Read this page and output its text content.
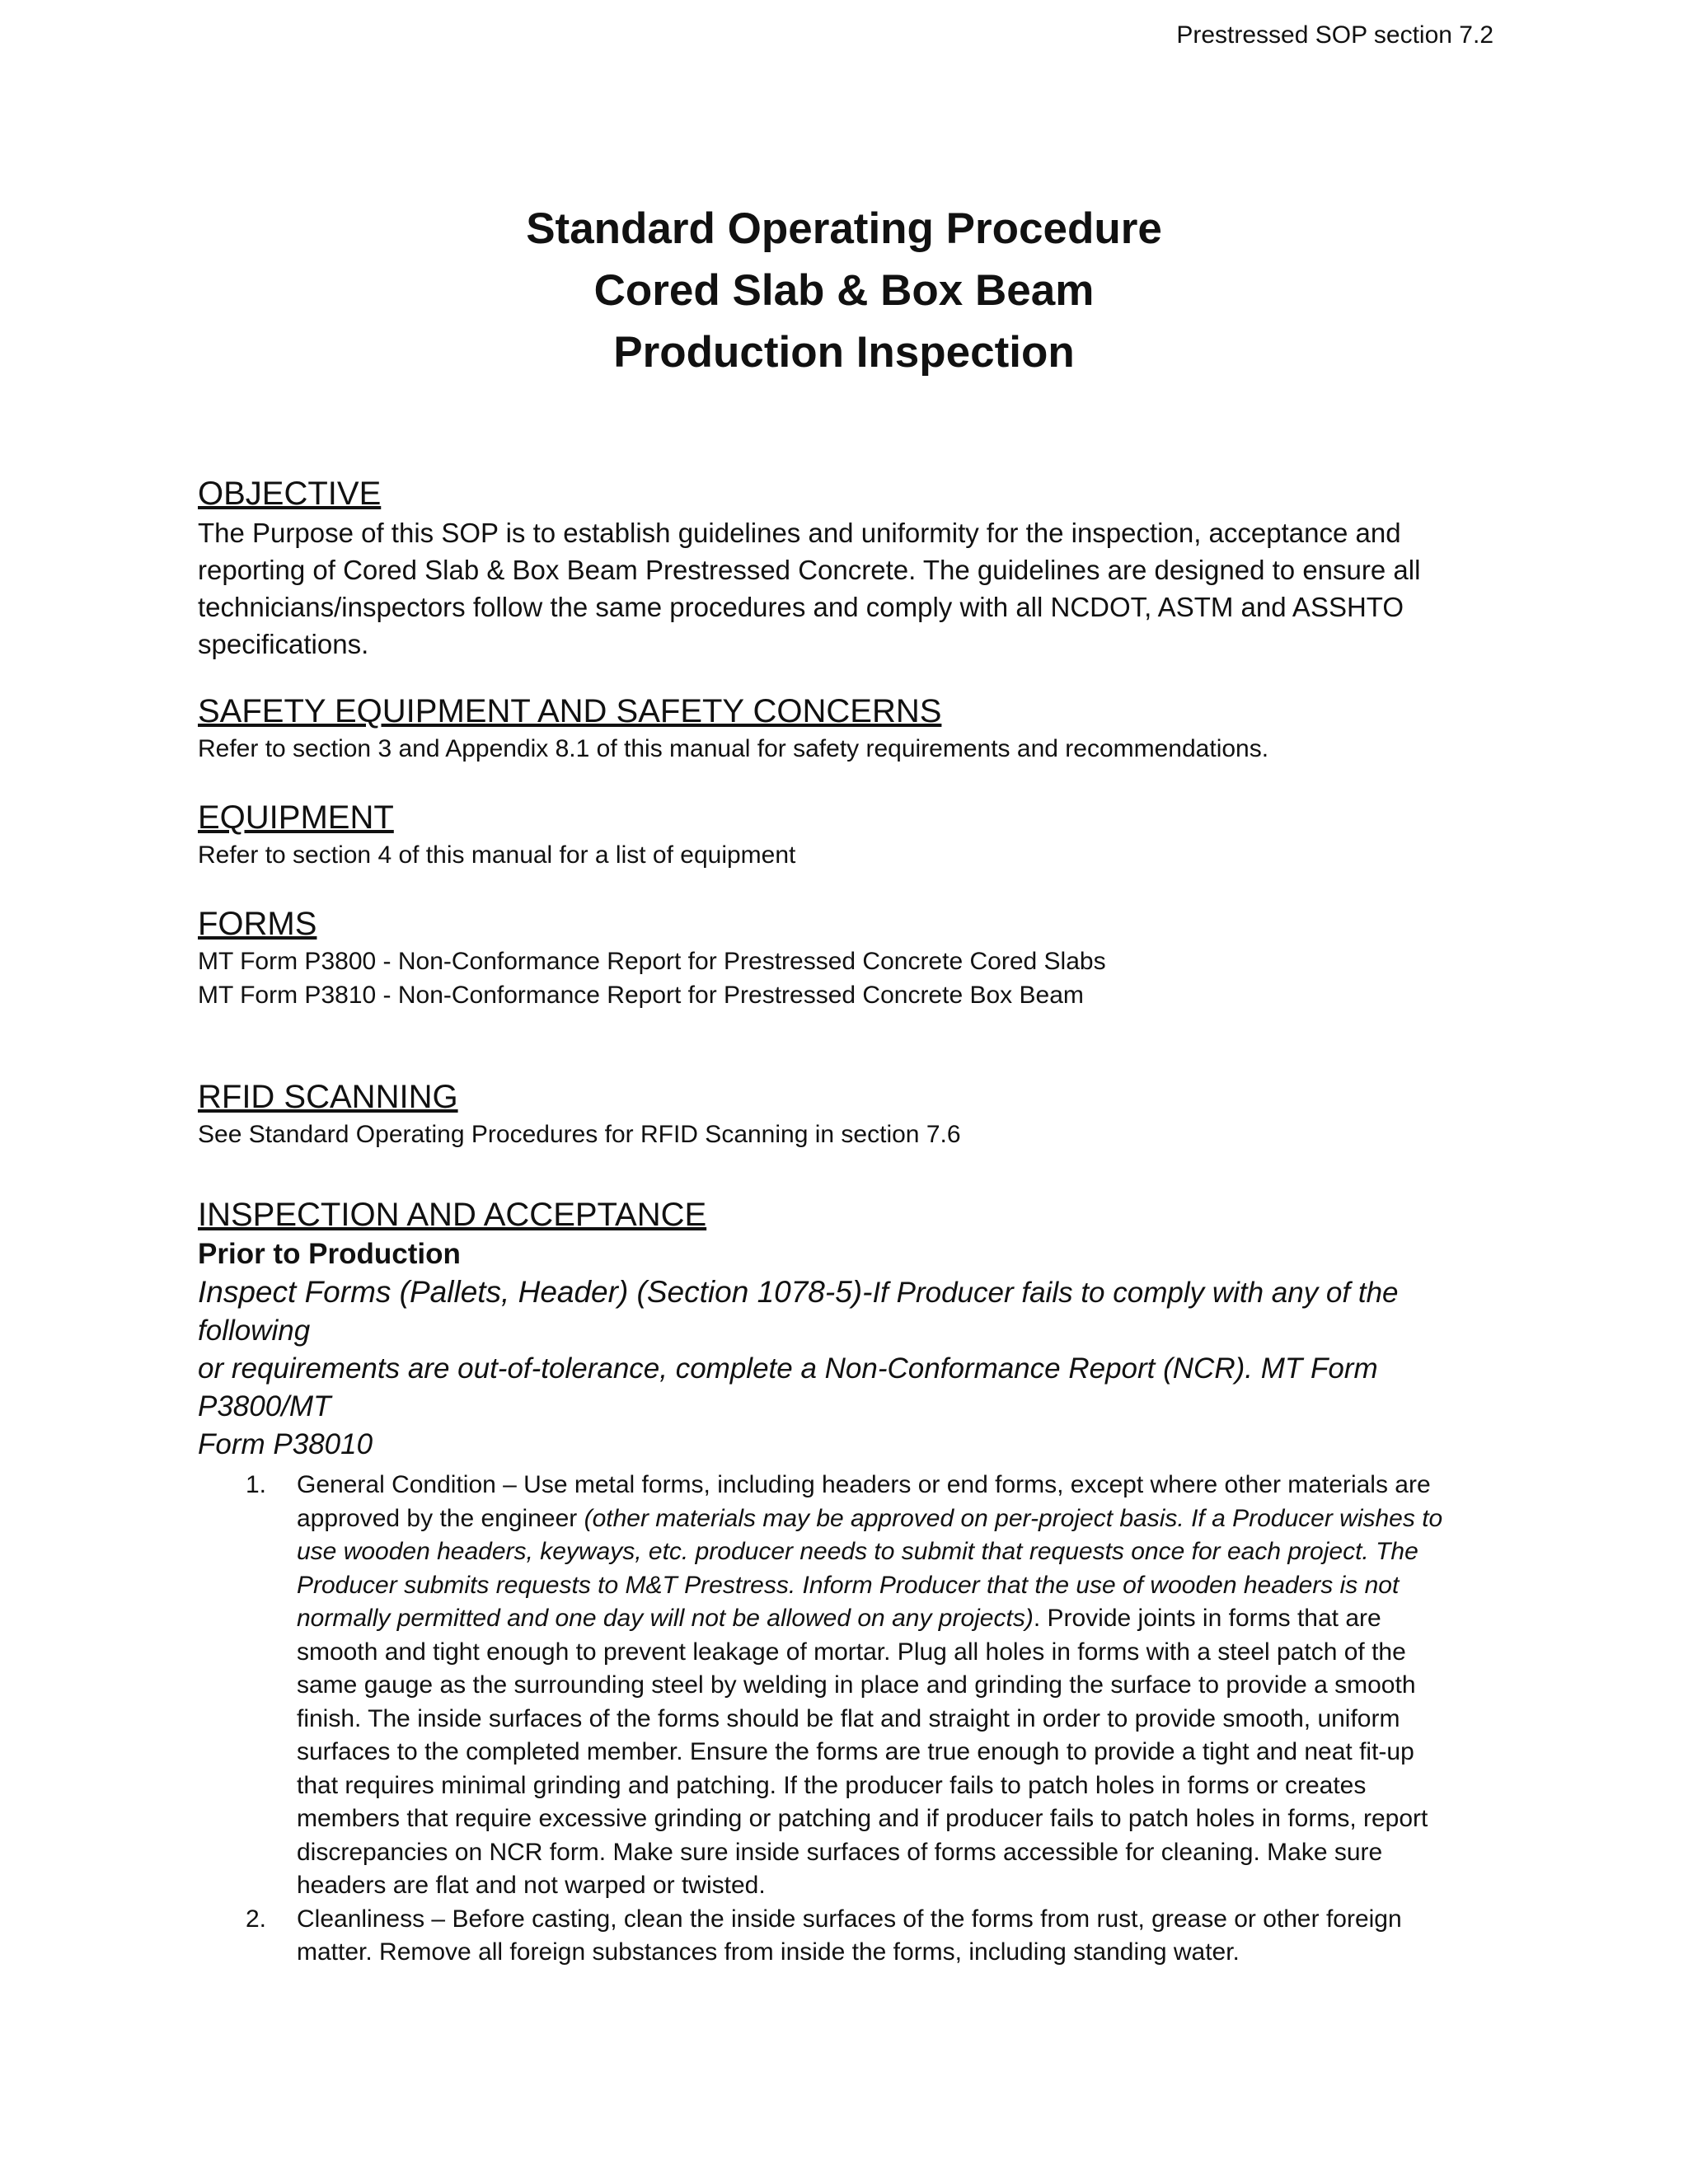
Prestressed SOP section 7.2
Standard Operating Procedure
Cored Slab & Box Beam
Production Inspection
OBJECTIVE
The Purpose of this SOP is to establish guidelines and uniformity for the inspection, acceptance and
reporting of Cored Slab & Box Beam Prestressed Concrete. The guidelines are designed to ensure all
technicians/inspectors follow the same procedures and comply with all NCDOT, ASTM and ASSHTO
specifications.
SAFETY EQUIPMENT AND SAFETY CONCERNS

Refer to section 3 and Appendix 8.1 of this manual for safety requirements and recommendations.

EQUIPMENT

Refer to section 4 of this manual for a list of equipment

FORMS

MT Form P3800 - Non-Conformance Report for Prestressed Concrete Cored Slabs

MT Form P3810 - Non-Conformance Report for Prestressed Concrete Box Beam

RFID SCANNING

See Standard Operating Procedures for RFID Scanning in section 7.6

INSPECTION AND ACCEPTANCE
Prior to Production
Inspect Forms (Pallets, Header) (Section 1078-5)-If Producer fails to comply with any of the following
or requirements are out-of-tolerance, complete a Non-Conformance Report (NCR). MT Form P3800/MT
Form P38010
1. General Condition – Use metal forms, including headers or end forms, except where other materials are
approved by the engineer (other materials may be approved on per-project basis. If a Producer wishes to
use wooden headers, keyways, etc. producer needs to submit that requests once for each project. The
Producer submits requests to M&T Prestress. Inform Producer that the use of wooden headers is not
normally permitted and one day will not be allowed on any projects). Provide joints in forms that are
smooth and tight enough to prevent leakage of mortar. Plug all holes in forms with a steel patch of the
same gauge as the surrounding steel by welding in place and grinding the surface to provide a smooth
finish. The inside surfaces of the forms should be flat and straight in order to provide smooth, uniform
surfaces to the completed member. Ensure the forms are true enough to provide a tight and neat fit-up
that requires minimal grinding and patching. If the producer fails to patch holes in forms or creates
members that require excessive grinding or patching and if producer fails to patch holes in forms, report
discrepancies on NCR form. Make sure inside surfaces of forms accessible for cleaning. Make sure
headers are flat and not warped or twisted.
2. Cleanliness – Before casting, clean the inside surfaces of the forms from rust, grease or other foreign
matter. Remove all foreign substances from inside the forms, including standing water.
